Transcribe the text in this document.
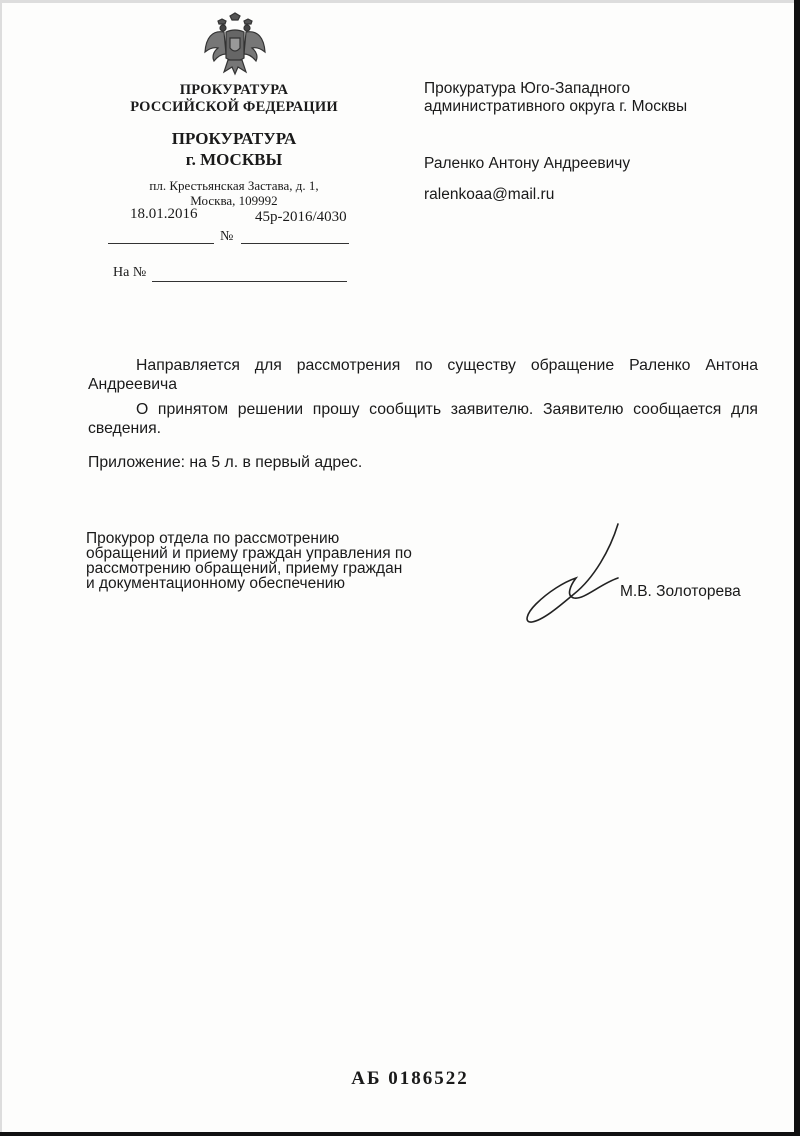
ПРОКУРАТУРА
РОССИЙСКОЙ ФЕДЕРАЦИИ
ПРОКУРАТУРА
г. МОСКВЫ
пл. Крестьянская Застава, д. 1,
Москва, 109992
18.01.2016	45р-2016/4030
№
На №
Прокуратура Юго-Западного
административного округа г. Москвы
Раленко Антону Андреевичу
ralenkoaa@mail.ru
Направляется для рассмотрения по существу обращение Раленко Антона Андреевича
О принятом решении прошу сообщить заявителю. Заявителю сообщается для сведения.
Приложение: на 5 л. в первый адрес.
Прокурор отдела по рассмотрению
обращений и приему граждан управления по
рассмотрению обращений, приему граждан
и документационному обеспечению	М.В. Золоторева
АБ 0186522
